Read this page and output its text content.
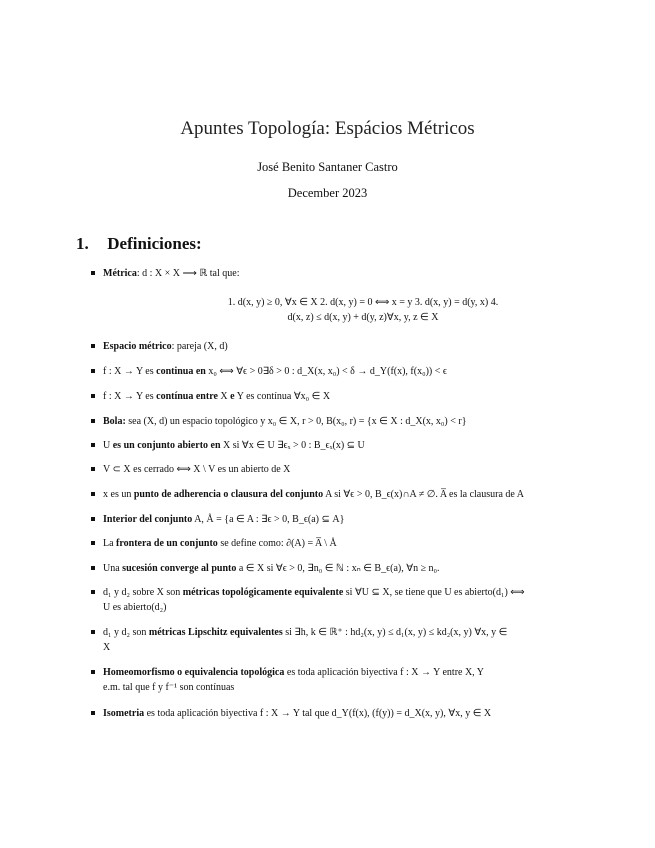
Apuntes Topología: Espácios Métricos
José Benito Santaner Castro
December 2023
1. Definiciones:
Métrica: d : X × X ⟶ ℝ tal que:
1. d(x, y) ≥ 0, ∀x ∈ X 2. d(x, y) = 0 ⟺ x = y 3. d(x, y) = d(y, x) 4.
d(x, z) ≤ d(x, y) + d(y, z)∀x, y, z ∈ X
Espacio métrico: pareja (X, d)
f : X → Y es continua en x₀ ⟺ ∀ϵ > 0∃δ > 0 : d_X(x, x₀) < δ → d_Y(f(x), f(x₀)) < ϵ
f : X → Y es contínua entre X e Y es contínua ∀x₀ ∈ X
Bola: sea (X, d) un espacio topológico y x₀ ∈ X, r > 0, B(x₀, r) = {x ∈ X : d_X(x, x₀) < r}
U es un conjunto abierto en X si ∀x ∈ U ∃ϵₓ > 0 : B_ϵₓ(x) ⊆ U
V ⊂ X es cerrado ⟺ X \ V es un abierto de X
x es un punto de adherencia o clausura del conjunto A si ∀ϵ > 0, B_ϵ(x)∩A ≠ ∅. A̅ es la clausura de A
Interior del conjunto A, Å = {a ∈ A : ∃ϵ > 0, B_ϵ(a) ⊆ A}
La frontera de un conjunto se define como: ∂(A) = A̅ \ Å
Una sucesión converge al punto a ∈ X si ∀ϵ > 0, ∃n₀ ∈ ℕ : xₙ ∈ B_ϵ(a), ∀n ≥ n₀.
d₁ y d₂ sobre X son métricas topológicamente equivalente si ∀U ⊆ X, se tiene que U es abierto(d₁) ⟺
U es abierto(d₂)
d₁ y d₂ son métricas Lipschitz equivalentes si ∃h, k ∈ ℝ⁺ : hd₂(x, y) ≤ d₁(x, y) ≤ kd₂(x, y) ∀x, y ∈
X
Homeomorfismo o equivalencia topológica es toda aplicación biyectiva f : X → Y entre X, Y
e.m. tal que f y f⁻¹ son contínuas
Isometria es toda aplicación biyectiva f : X → Y tal que d_Y(f(x), (f(y)) = d_X(x, y), ∀x, y ∈ X
